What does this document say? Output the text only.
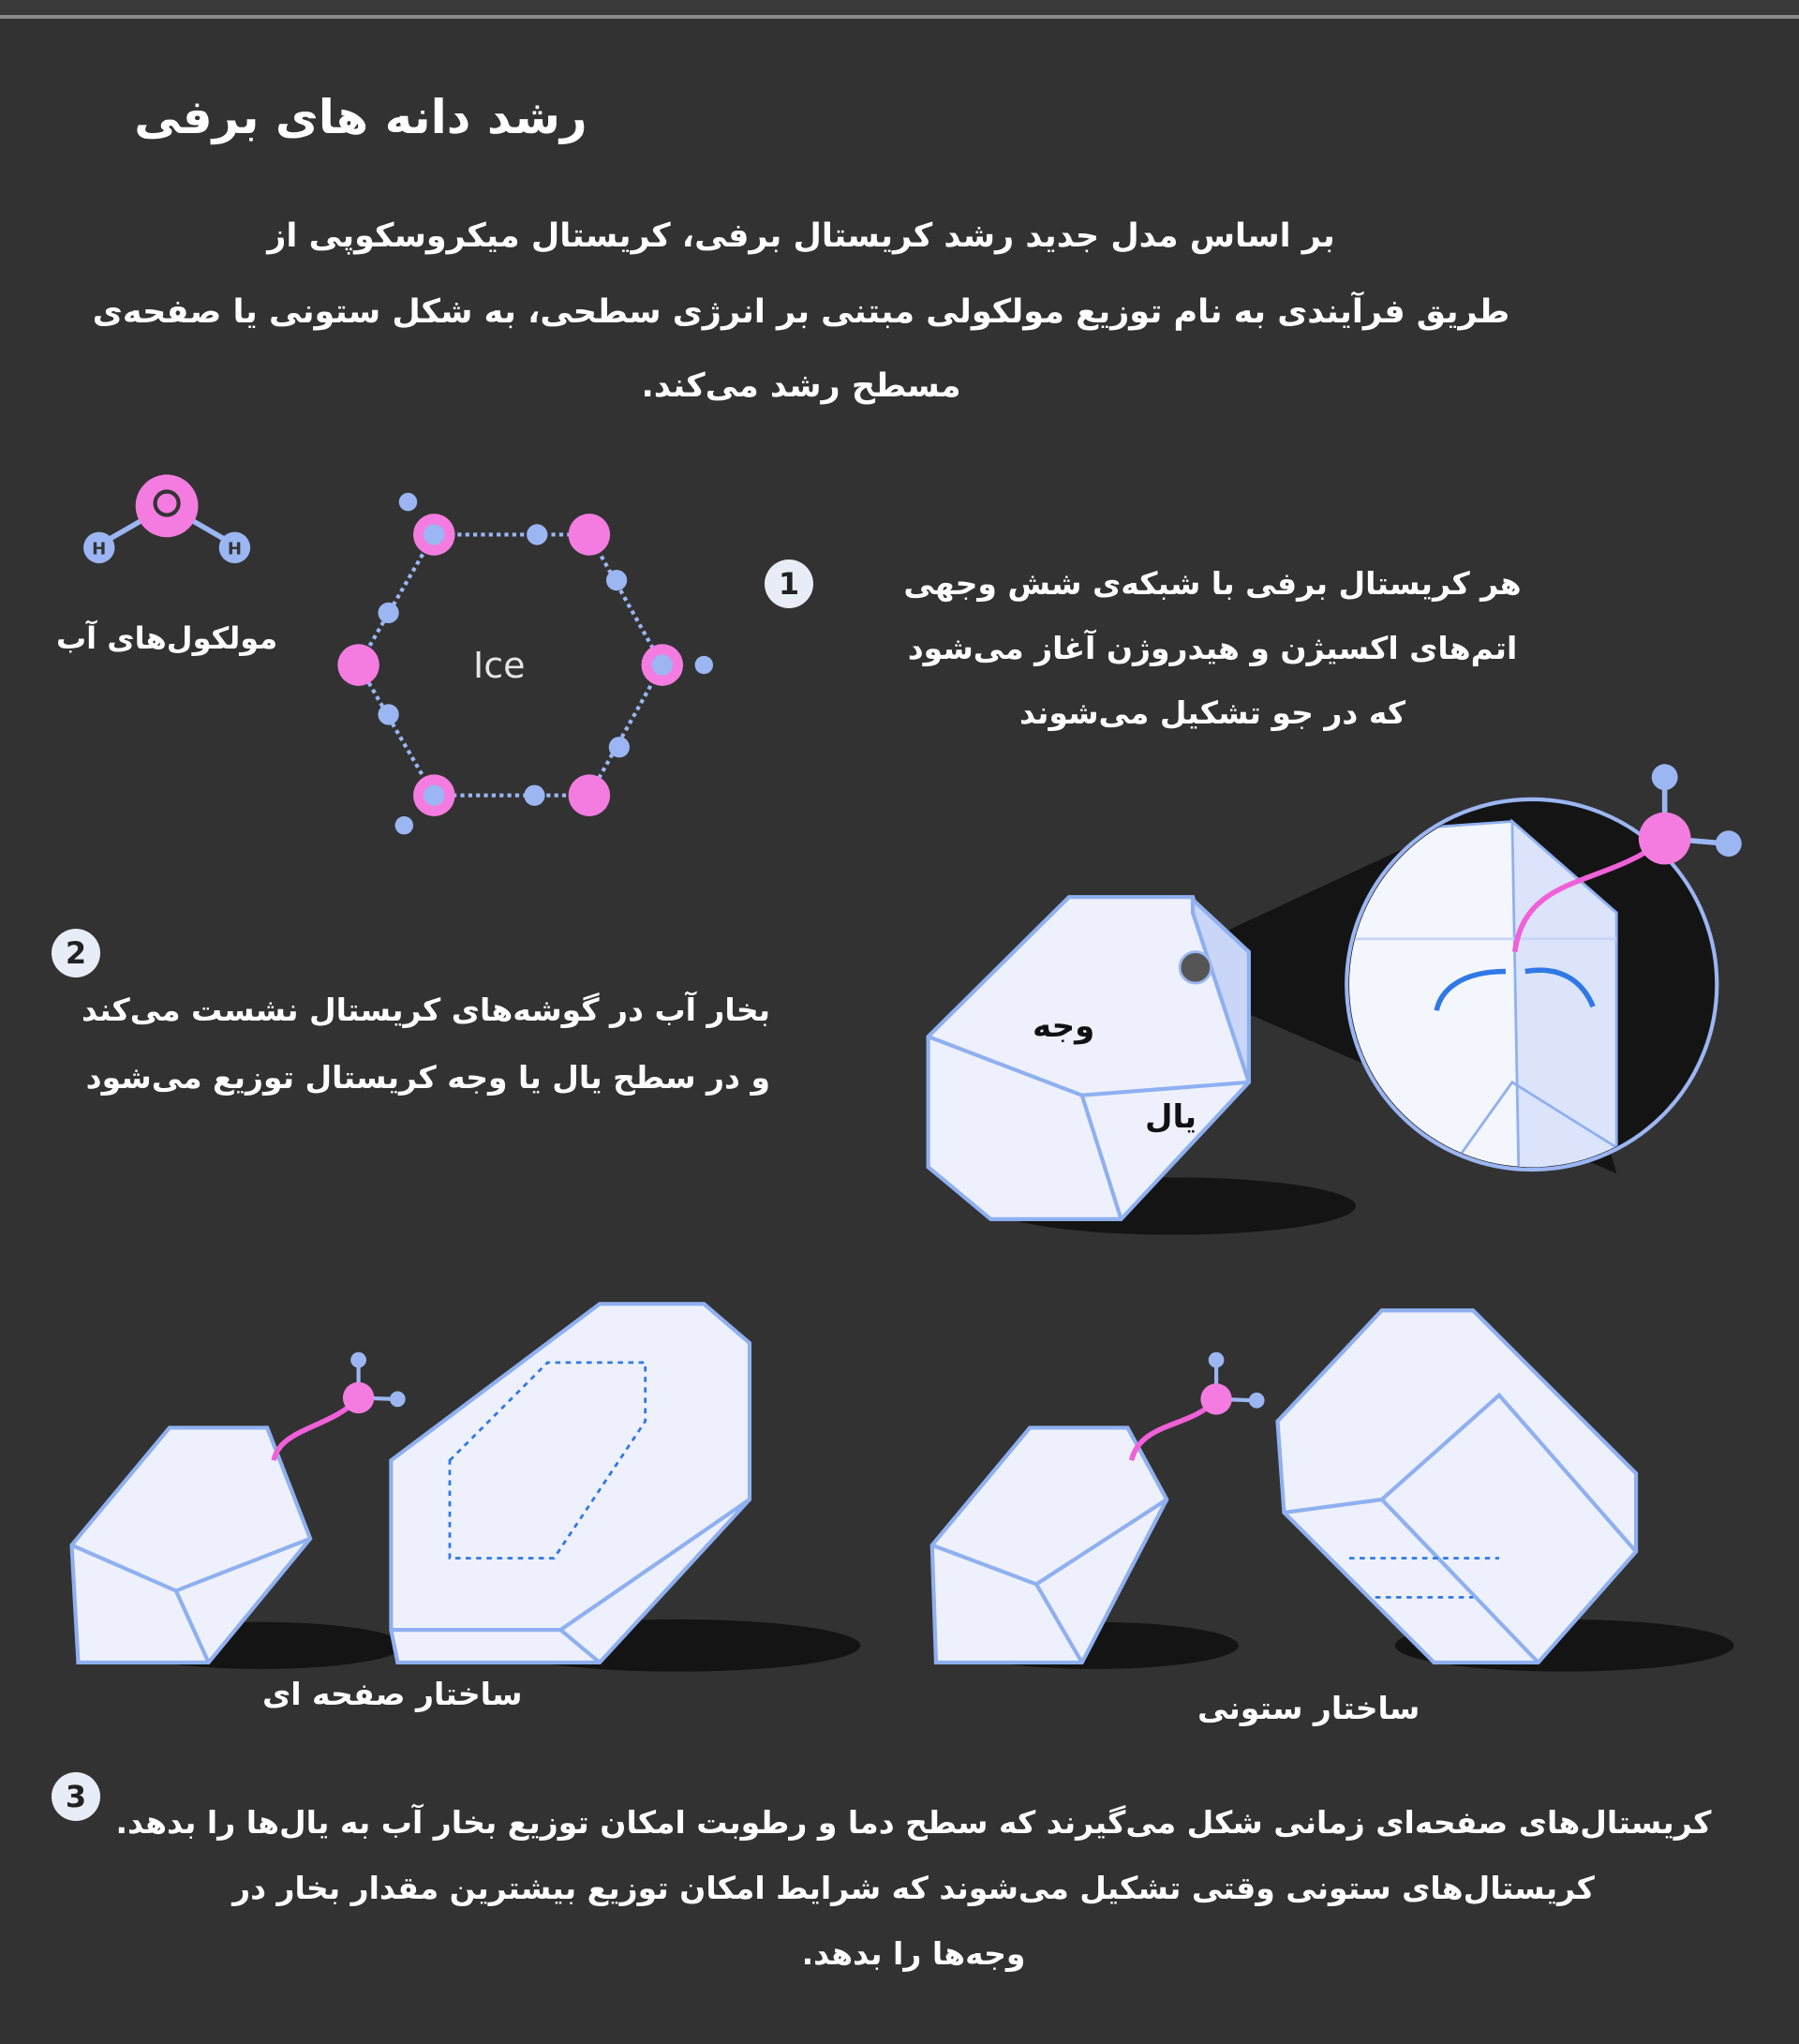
H	H
رشد دانه های برفی
بر اساس مدل جدید رشد کریستال برفی، کریستال میکروسکوپی از
طریق فرآیندی به نام توزیع مولکولی مبتنی بر انرژی سطحی، به شکل ستونی یا صفحه‌ی
مسطح رشد می‌کند.
مولکول‌های آب
Ice
1	هر کریستال برفی با شبکه‌ی شش وجهی
اتم‌های اکسیژن و هیدروژن آغاز می‌شود
که در جو تشکیل می‌شوند
2
بخار آب در گوشه‌های کریستال نشست می‌کند
و در سطح یال یا وجه کریستال توزیع می‌شود
وجه
یال
ساختار صفحه ای	ساختار ستونی
3
کریستال‌های صفحه‌ای زمانی شکل می‌گیرند که سطح دما و رطوبت امکان توزیع بخار آب به یال‌ها را بدهد.
کریستال‌های ستونی وقتی تشکیل می‌شوند که شرایط امکان توزیع بیشترین مقدار بخار در
وجه‌ها را بدهد.
